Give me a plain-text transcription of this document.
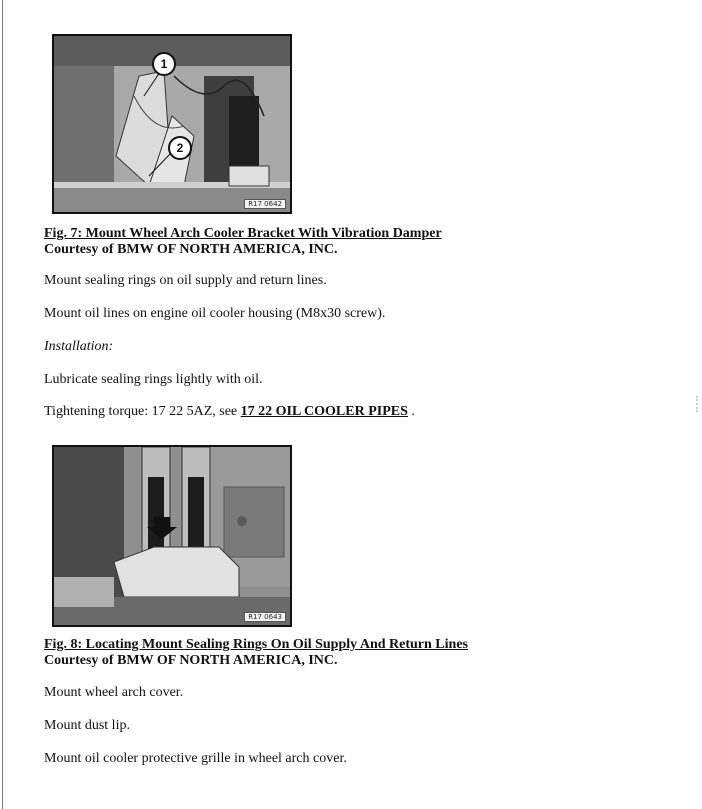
1
2
R17 0642
Fig. 7: Mount Wheel Arch Cooler Bracket With Vibration Damper
Courtesy of BMW OF NORTH AMERICA, INC.

Mount sealing rings on oil supply and return lines.

Mount oil lines on engine oil cooler housing (M8x30 screw).

Installation:

Lubricate sealing rings lightly with oil.

Tightening torque: 17 22 5AZ, see 17 22 OIL COOLER PIPES .

R17 0643
Fig. 8: Locating Mount Sealing Rings On Oil Supply And Return Lines
Courtesy of BMW OF NORTH AMERICA, INC.

Mount wheel arch cover.

Mount dust lip.

Mount oil cooler protective grille in wheel arch cover.
